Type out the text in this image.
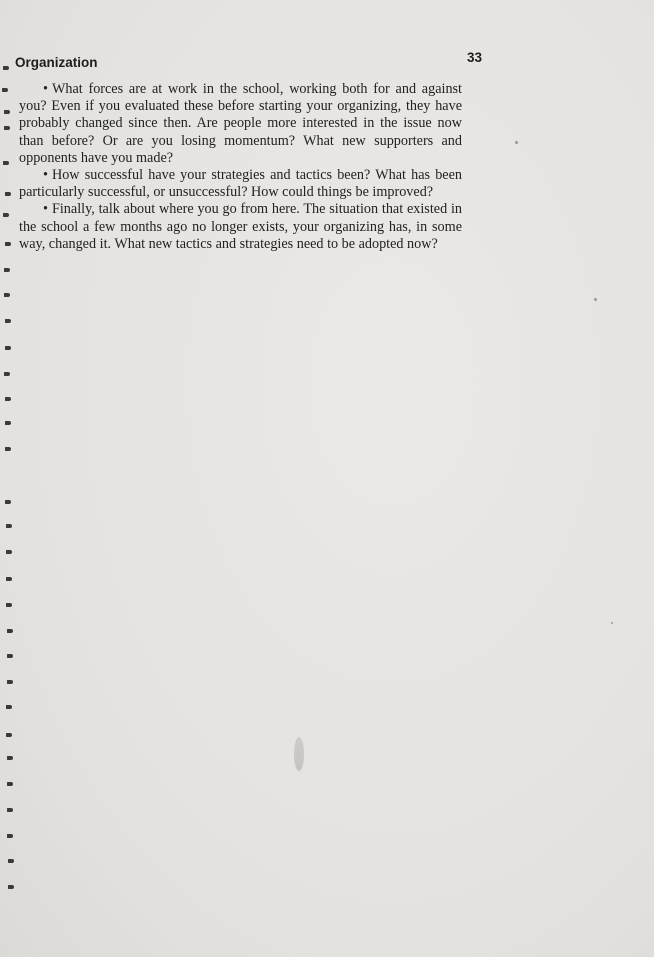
Organization	33

• What forces are at work in the school, working both for and against you? Even if you evaluated these before starting your organizing, they have probably changed since then. Are people more interested in the issue now than before? Or are you losing momentum? What new supporters and opponents have you made?

• How successful have your strategies and tactics been? What has been particularly successful, or unsuccessful? How could things be improved?

• Finally, talk about where you go from here. The situation that existed in the school a few months ago no longer exists, your organizing has, in some way, changed it. What new tactics and strategies need to be adopted now?
